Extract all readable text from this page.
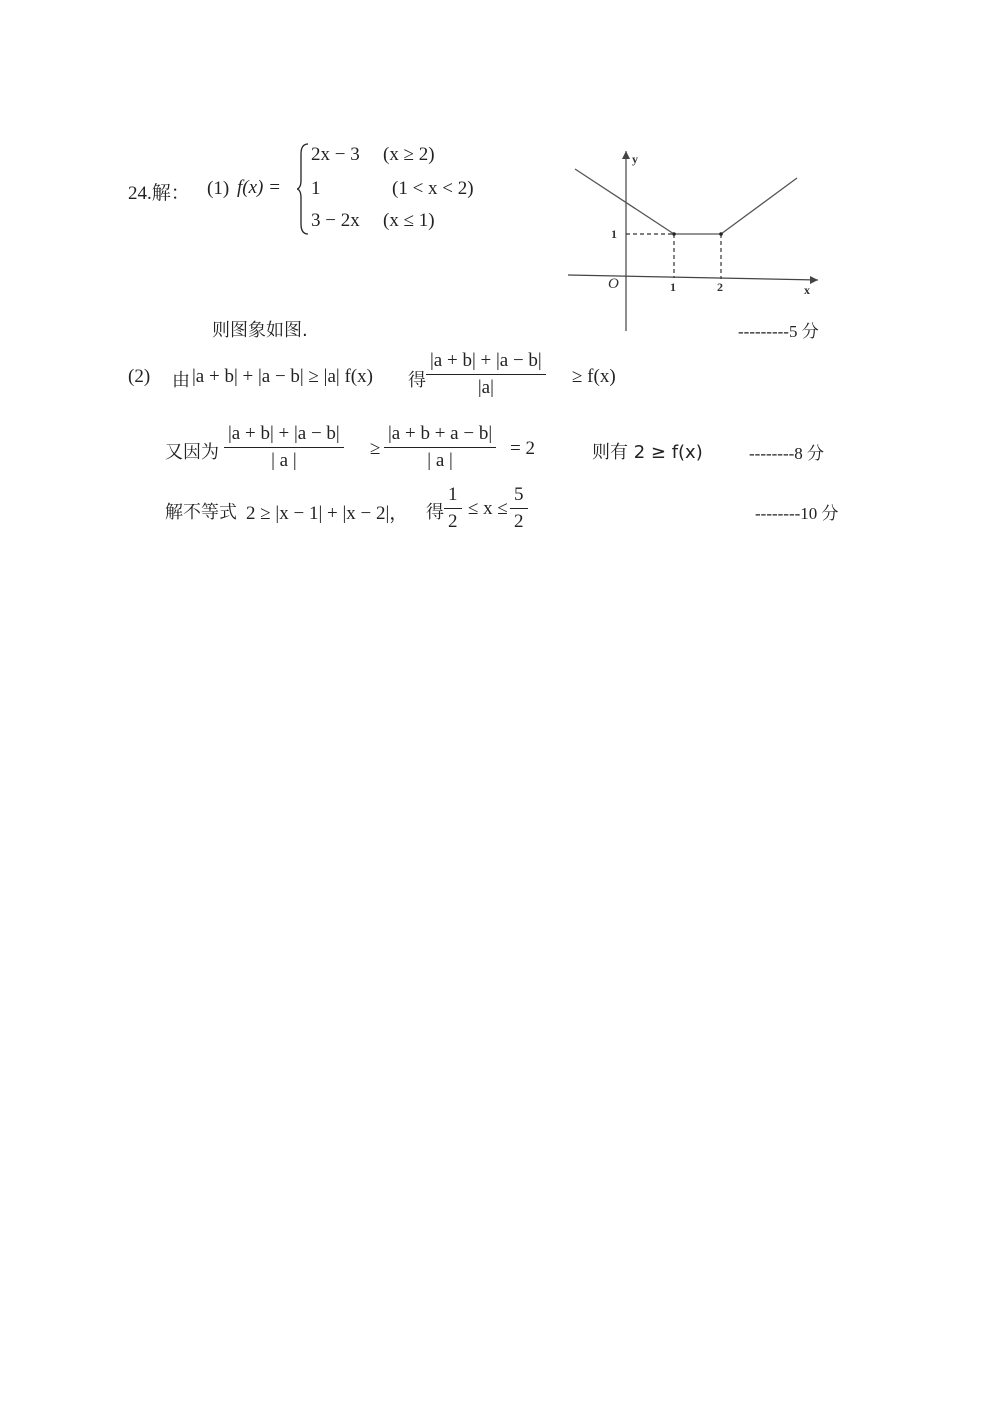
24.解： (1) f(x) =
2x − 3 (x ≥ 2)
1	(1 < x < 2)
3 − 2x (x ≤ 1)
y
x
O	1	2
1
则图象如图.	---------5 分
(2) 由 |a + b| + |a − b| ≥ |a| f(x) 得 $\frac{|a + b| + |a - b|}{|a|} \ge f(x)$
又因为 $\frac{|a + b| + |a - b|}{| a |} \ge \frac{|a + b + a - b|}{| a |} = 2$	则有 2 ≥ f(x)	--------8 分
解不等式 2 ≥ |x − 1| + |x − 2|， 得 $\frac{1}{2} \le x \le \frac{5}{2}$	--------10 分
